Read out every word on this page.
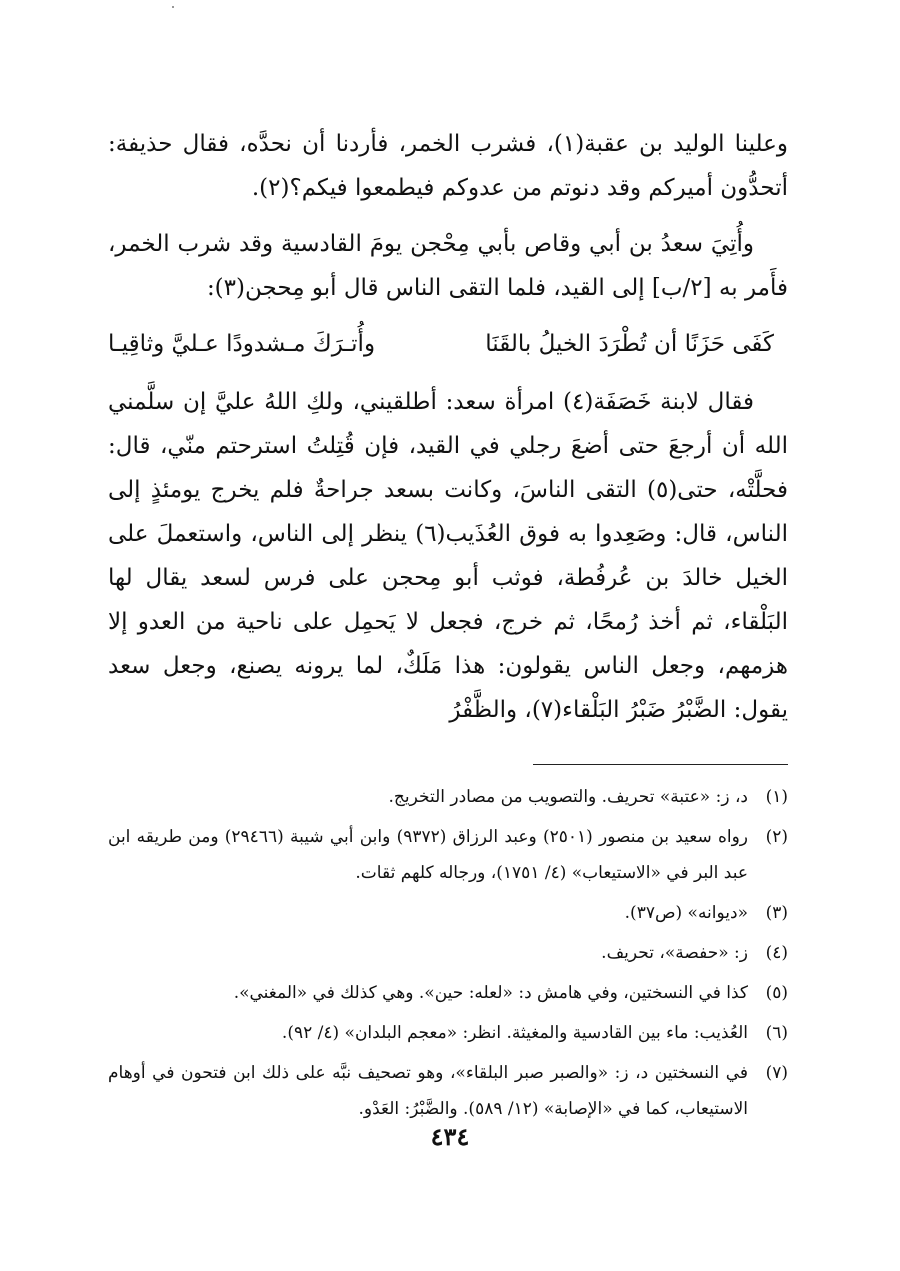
وعلينا الوليد بن عقبة(١)، فشرب الخمر، فأردنا أن نحدَّه، فقال حذيفة: أتحدُّون أميركم وقد دنوتم من عدوكم فيطمعوا فيكم؟(٢).

وأُتِيَ سعدُ بن أبي وقاص بأبي مِحْجن يومَ القادسية وقد شرب الخمر، فأَمر به [٢/ب] إلى القيد، فلما التقى الناس قال أبو مِحجن(٣):

كَفَى حَزَنًا أن تُطْرَدَ الخيلُ بالقَنَا
وأُتـرَكَ مـشدودًا عـليَّ وثاقِيـا

فقال لابنة خَصَفَة(٤) امرأة سعد: أطلقيني، ولكِ اللهُ عليَّ إن سلَّمني الله أن أرجعَ حتى أضعَ رجلي في القيد، فإن قُتِلتُ استرحتم منّي، قال: فحلَّتْه، حتى(٥) التقى الناسَ، وكانت بسعد جراحةٌ فلم يخرج يومئذٍ إلى الناس، قال: وصَعِدوا به فوق العُذَيب(٦) ينظر إلى الناس، واستعملَ على الخيل خالدَ بن عُرفُطة، فوثب أبو مِحجن على فرس لسعد يقال لها البَلْقاء، ثم أخذ رُمحًا، ثم خرج، فجعل لا يَحمِل على ناحية من العدو إلا هزمهم، وجعل الناس يقولون: هذا مَلَكٌ، لما يرونه يصنع، وجعل سعد يقول: الضَّبْرُ ضَبْرُ البَلْقاء(٧)، والظَّفْرُ

(١)
د، ز: «عتبة» تحريف. والتصويب من مصادر التخريج.
(٢)
رواه سعيد بن منصور (٢٥٠١) وعبد الرزاق (٩٣٧٢) وابن أبي شيبة (٢٩٤٦٦) ومن طريقه ابن عبد البر في «الاستيعاب» (٤/ ١٧٥١)، ورجاله كلهم ثقات.
(٣)
«ديوانه» (ص٣٧).
(٤)
ز: «حفصة»، تحريف.
(٥)
كذا في النسختين، وفي هامش د: «لعله: حين». وهي كذلك في «المغني».
(٦)
العُذيب: ماء بين القادسية والمغيثة. انظر: «معجم البلدان» (٤/ ٩٢).
(٧)
في النسختين د، ز: «والصبر صبر البلقاء»، وهو تصحيف نبَّه على ذلك ابن فتحون في أوهام الاستيعاب، كما في «الإصابة» (١٢/ ٥٨٩). والضَّبْرُ: العَدْو.
٤٣٤
